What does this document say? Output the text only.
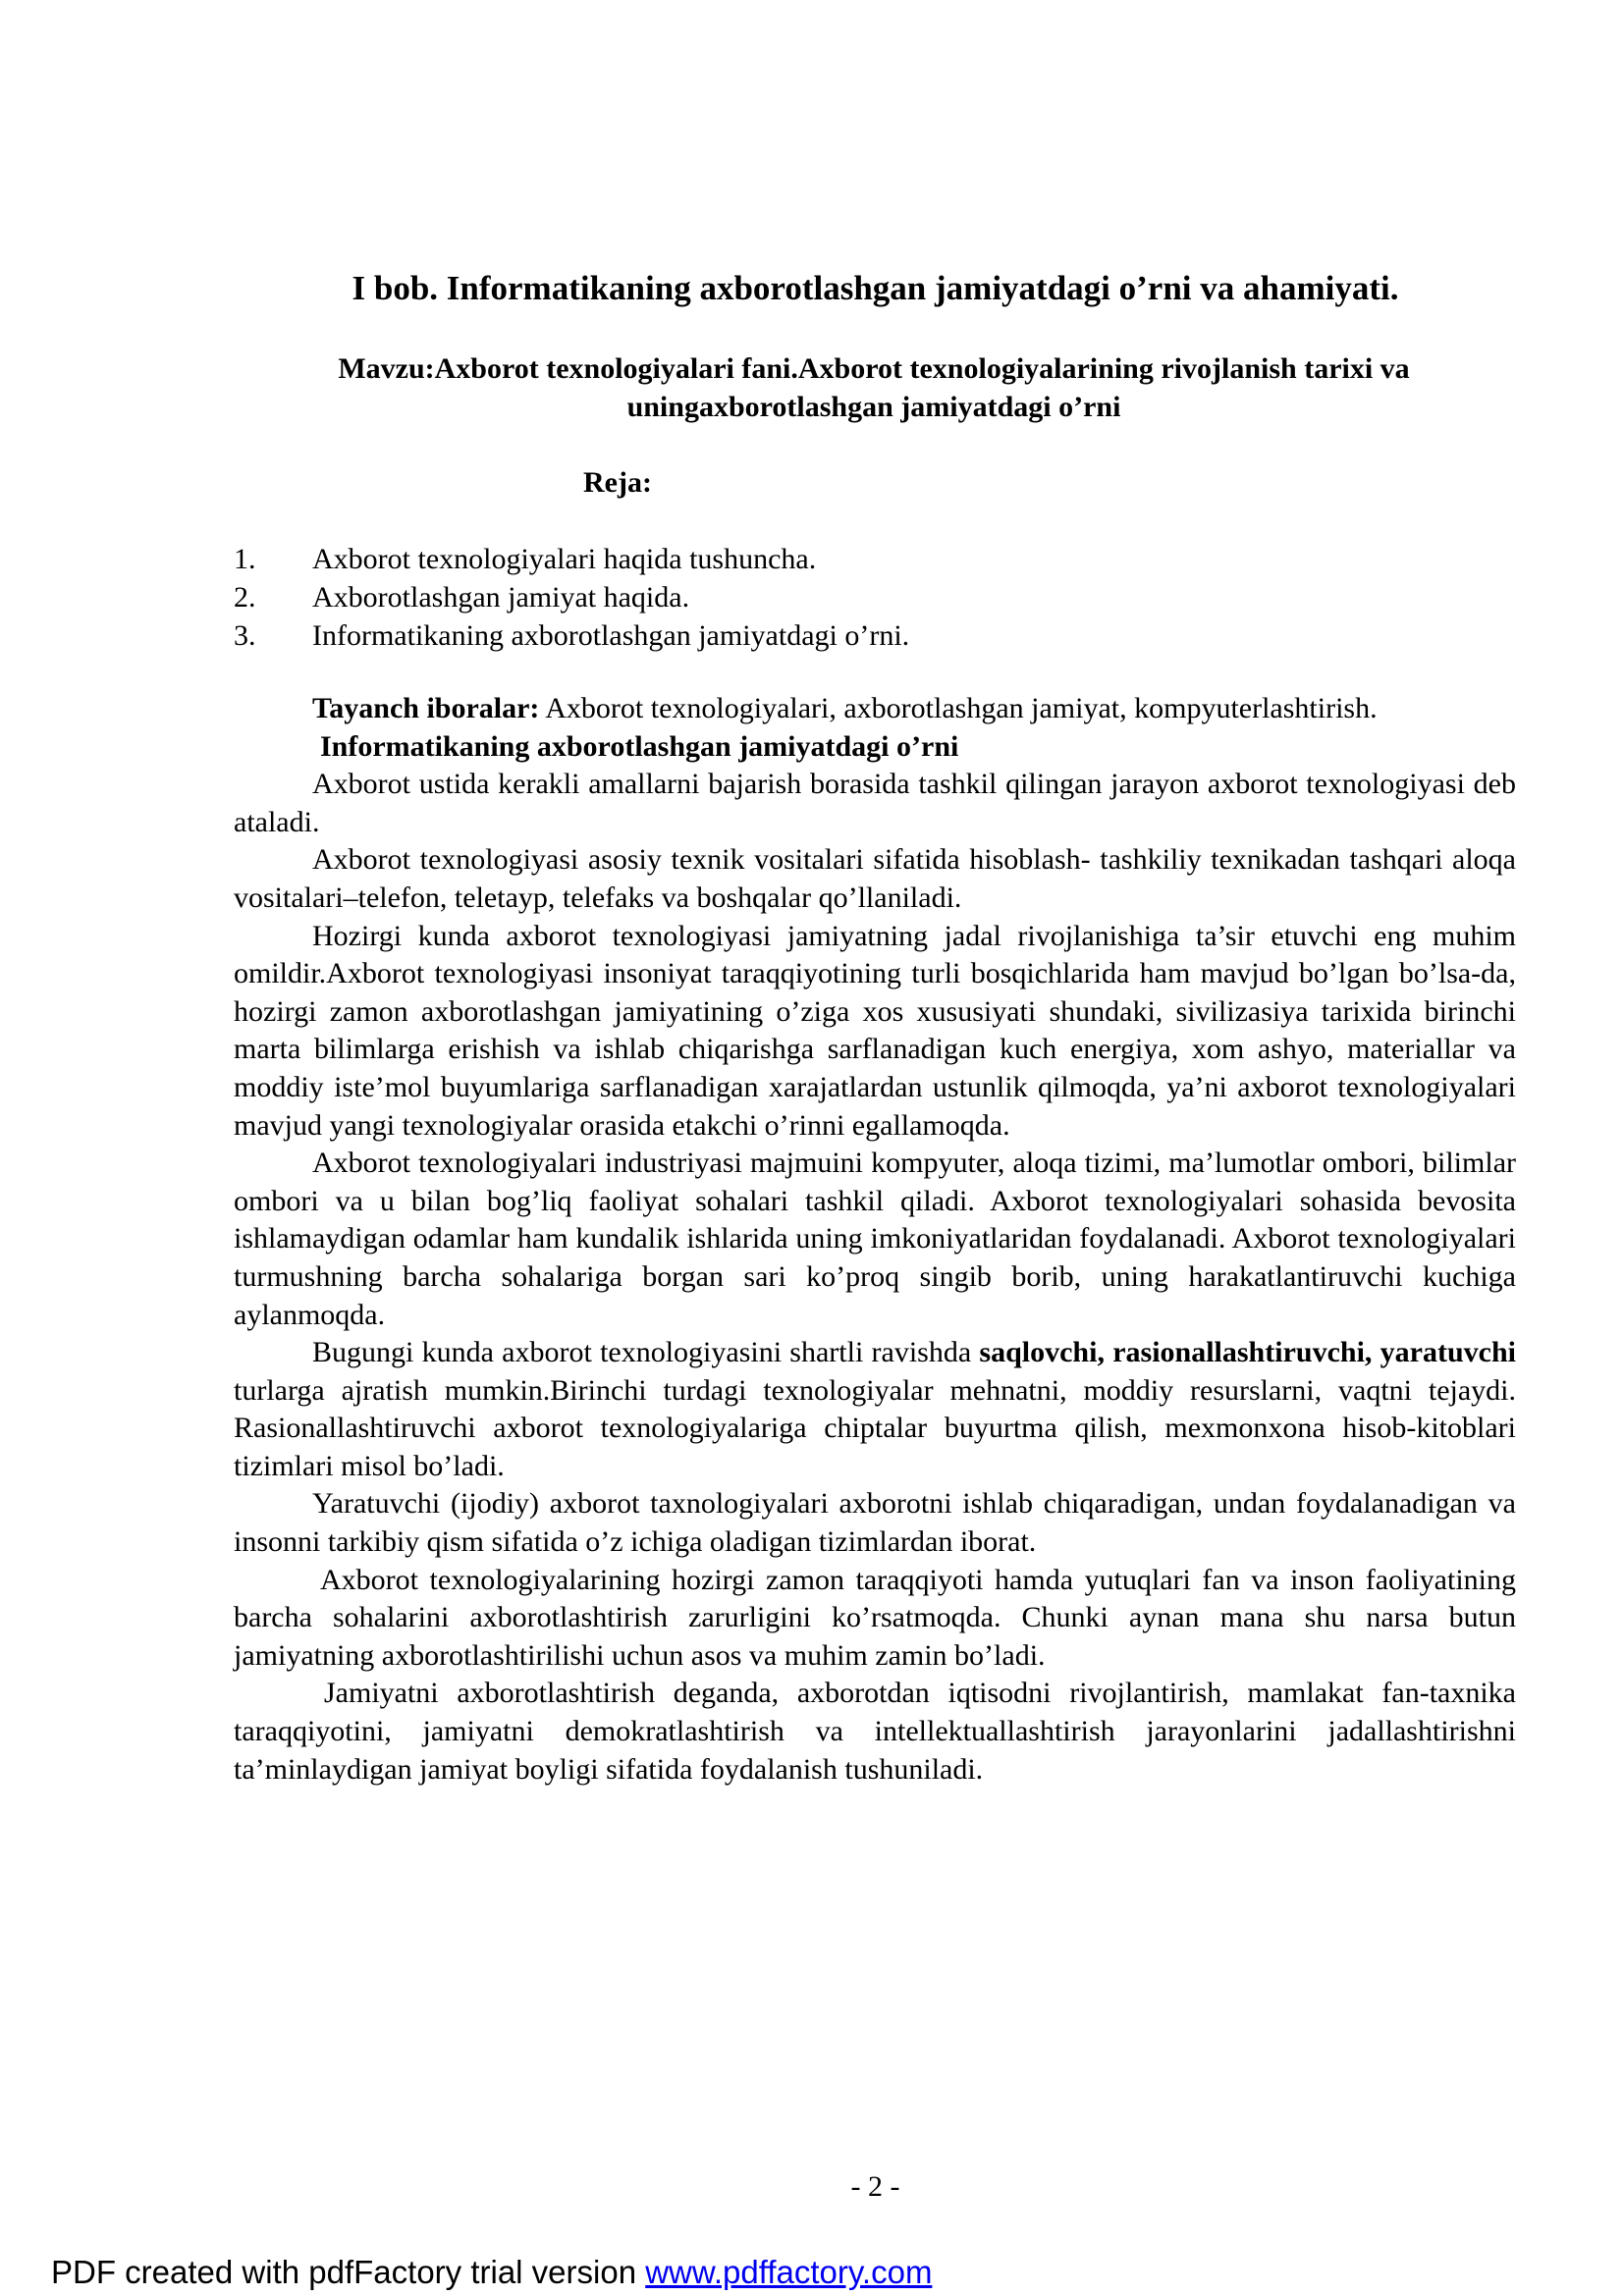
I bob. Informatikaning axborotlashgan jamiyatdagi o’rni va ahamiyati.
Mavzu:Axborot texnologiyalari fani.Axborot texnologiyalarining rivojlanish tarixi va
uningaxborotlashgan jamiyatdagi o’rni
Reja:
1.	Axborot texnologiyalari haqida tushuncha.
2.	Axborotlashgan jamiyat haqida.
3.	Informatikaning axborotlashgan jamiyatdagi o’rni.

Tayanch iboralar: Axborot texnologiyalari, axborotlashgan jamiyat, kompyuterlashtirish.

Informatikaning axborotlashgan jamiyatdagi o’rni

Axborot ustida kerakli amallarni bajarish borasida tashkil qilingan jarayon axborot texnologiyasi deb ataladi.

Axborot texnologiyasi asosiy texnik vositalari sifatida hisoblash- tashkiliy texnikadan tashqari aloqa vositalari–telefon, teletayp, telefaks va boshqalar qo’llaniladi.

Hozirgi kunda axborot texnologiyasi jamiyatning jadal rivojlanishiga ta’sir etuvchi eng muhim omildir.Axborot texnologiyasi insoniyat taraqqiyotining turli bosqichlarida ham mavjud bo’lgan bo’lsa-da, hozirgi zamon axborotlashgan jamiyatining o’ziga xos xususiyati shundaki, sivilizasiya tarixida birinchi marta bilimlarga erishish va ishlab chiqarishga sarflanadigan kuch energiya, xom ashyo, materiallar va moddiy iste’mol buyumlariga sarflanadigan xarajatlardan ustunlik qilmoqda, ya’ni axborot texnologiyalari mavjud yangi texnologiyalar orasida etakchi o’rinni egallamoqda.

Axborot texnologiyalari industriyasi majmuini kompyuter, aloqa tizimi, ma’lumotlar ombori, bilimlar ombori va u bilan bog’liq faoliyat sohalari tashkil qiladi. Axborot texnologiyalari sohasida bevosita ishlamaydigan odamlar ham kundalik ishlarida uning imkoniyatlaridan foydalanadi. Axborot texnologiyalari turmushning barcha sohalariga borgan sari ko’proq singib borib, uning harakatlantiruvchi kuchiga aylanmoqda.

Bugungi kunda axborot texnologiyasini shartli ravishda saqlovchi, rasionallashtiruvchi, yaratuvchi turlarga ajratish mumkin.Birinchi turdagi texnologiyalar mehnatni, moddiy resurslarni, vaqtni tejaydi. Rasionallashtiruvchi axborot texnologiyalariga chiptalar buyurtma qilish, mexmonxona hisob-kitoblari tizimlari misol bo’ladi.

Yaratuvchi (ijodiy) axborot taxnologiyalari axborotni ishlab chiqaradigan, undan foydalanadigan va insonni tarkibiy qism sifatida o’z ichiga oladigan tizimlardan iborat.

Axborot texnologiyalarining hozirgi zamon taraqqiyoti hamda yutuqlari fan va inson faoliyatining barcha sohalarini axborotlashtirish zarurligini ko’rsatmoqda. Chunki aynan mana shu narsa butun jamiyatning axborotlashtirilishi uchun asos va muhim zamin bo’ladi.

Jamiyatni axborotlashtirish deganda, axborotdan iqtisodni rivojlantirish, mamlakat fan-taxnika taraqqiyotini, jamiyatni demokratlashtirish va intellektuallashtirish jarayonlarini jadallashtirishni ta’minlaydigan jamiyat boyligi sifatida foydalanish tushuniladi.

- 2 -
PDF created with pdfFactory trial version www.pdffactory.com
